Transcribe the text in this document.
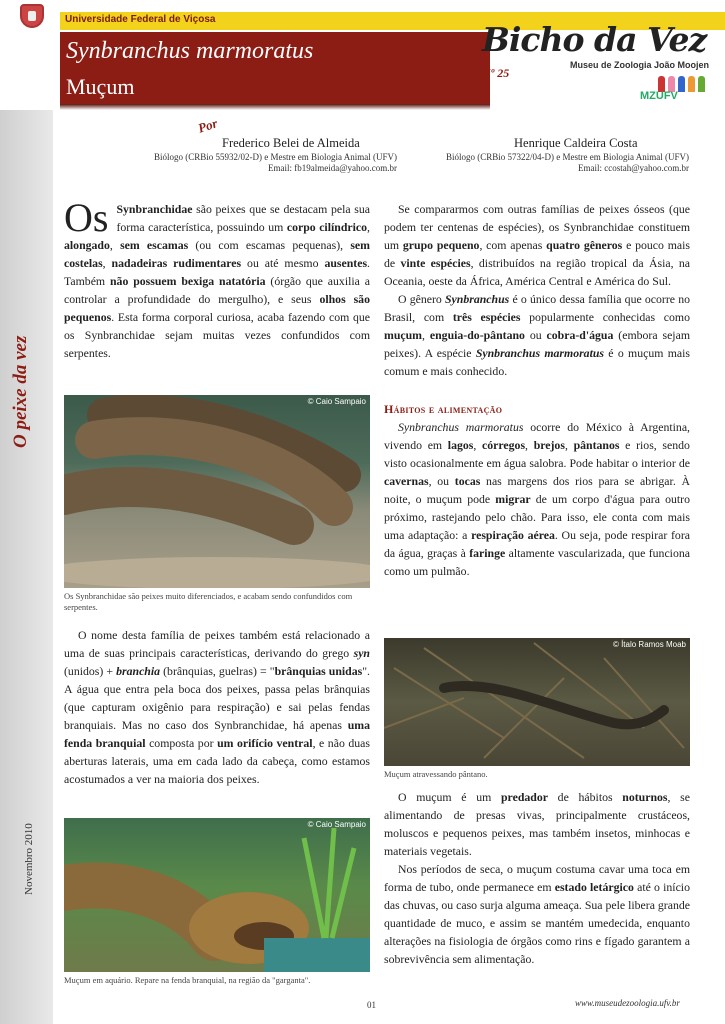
Universidade Federal de Viçosa
Synbranchus marmoratus
Muçum
Bicho da Vez
Nº 25
Museu de Zoologia João Moojen
MZUFV
O peixe da vez
Novembro 2010
Por
Frederico Belei de Almeida
Biólogo (CRBio 55932/02-D) e Mestre em Biologia Animal (UFV)
Email: fb19almeida@yahoo.com.br
Henrique Caldeira Costa
Biólogo (CRBio 57322/04-D) e Mestre em Biologia Animal (UFV)
Email: ccostah@yahoo.com.br

Os Synbranchidae são peixes que se destacam pela sua forma característica, possuindo um corpo cilíndrico, alongado, sem escamas (ou com escamas pequenas), sem costelas, nadadeiras rudimentares ou até mesmo ausentes. Também não possuem bexiga natatória (órgão que auxilia a controlar a profundidade do mergulho), e seus olhos são pequenos. Esta forma corporal curiosa, acaba fazendo com que os Synbranchidae sejam muitas vezes confundidos com serpentes.

© Caio Sampaio
Os Synbranchidae são peixes muito diferenciados, e acabam sendo confundidos com serpentes.

O nome desta família de peixes também está relacionado a uma de suas principais características, derivando do grego syn (unidos) + branchia (brânquias, guelras) = "brânquias unidas". A água que entra pela boca dos peixes, passa pelas brânquias (que capturam oxigênio para respiração) e sai pelas fendas branquiais. Mas no caso dos Synbranchidae, há apenas uma fenda branquial composta por um orifício ventral, e não duas aberturas laterais, uma em cada lado da cabeça, como estamos acostumados a ver na maioria dos peixes.

© Caio Sampaio
Muçum em aquário. Repare na fenda branquial, na região da "garganta".

Se compararmos com outras famílias de peixes ósseos (que podem ter centenas de espécies), os Synbranchidae constituem um grupo pequeno, com apenas quatro gêneros e pouco mais de vinte espécies, distribuídos na região tropical da Ásia, na Oceania, oeste da África, América Central e América do Sul.

O gênero Synbranchus é o único dessa família que ocorre no Brasil, com três espécies popularmente conhecidas como muçum, enguia-do-pântano ou cobra-d'água (embora sejam peixes). A espécie Synbranchus marmoratus é o muçum mais comum e mais conhecido.

Hábitos e alimentação

Synbranchus marmoratus ocorre do México à Argentina, vivendo em lagos, córregos, brejos, pântanos e rios, sendo visto ocasionalmente em água salobra. Pode habitar o interior de cavernas, ou tocas nas margens dos rios para se abrigar. À noite, o muçum pode migrar de um corpo d'água para outro próximo, rastejando pelo chão. Para isso, ele conta com mais uma adaptação: a respiração aérea. Ou seja, pode respirar fora da água, graças à faringe altamente vascularizada, que funciona como um pulmão.

© Ítalo Ramos Moab
Muçum atravessando pântano.

O muçum é um predador de hábitos noturnos, se alimentando de presas vivas, principalmente crustáceos, moluscos e pequenos peixes, mas também insetos, minhocas e materiais vegetais.

Nos períodos de seca, o muçum costuma cavar uma toca em forma de tubo, onde permanece em estado letárgico até o início das chuvas, ou caso surja alguma ameaça. Sua pele libera grande quantidade de muco, e assim se mantém umedecida, enquanto alterações na fisiologia de órgãos como rins e fígado garantem a sobrevivência sem alimentação.

01	www.museudezoologia.ufv.br
